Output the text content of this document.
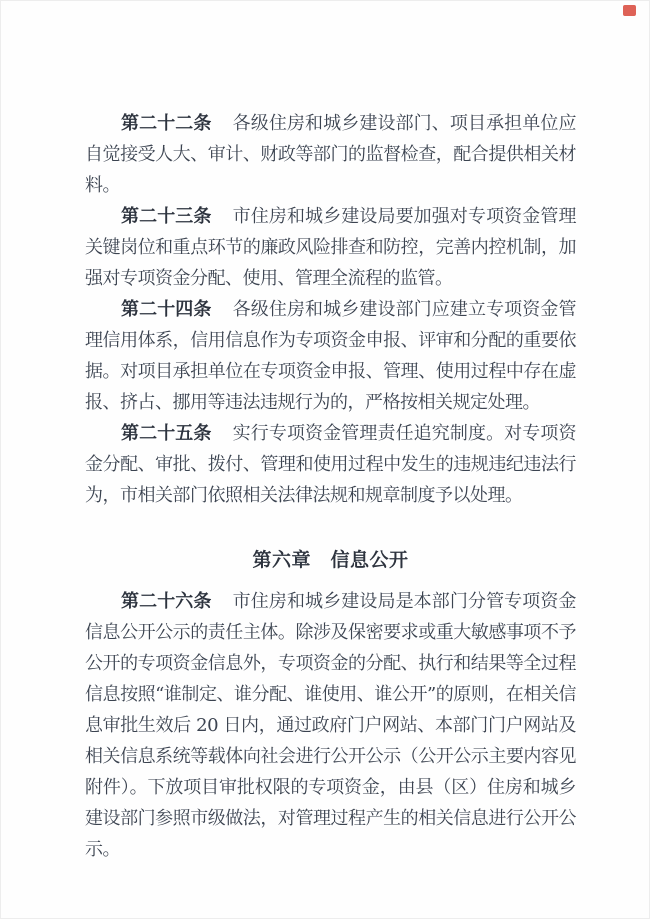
第二十二条 各级住房和城乡建设部门、项目承担单位应自觉接受人大、审计、财政等部门的监督检查，配合提供相关材料。

第二十三条 市住房和城乡建设局要加强对专项资金管理关键岗位和重点环节的廉政风险排查和防控，完善内控机制，加强对专项资金分配、使用、管理全流程的监管。

第二十四条 各级住房和城乡建设部门应建立专项资金管理信用体系，信用信息作为专项资金申报、评审和分配的重要依据。对项目承担单位在专项资金申报、管理、使用过程中存在虚报、挤占、挪用等违法违规行为的，严格按相关规定处理。

第二十五条 实行专项资金管理责任追究制度。对专项资金分配、审批、拨付、管理和使用过程中发生的违规违纪违法行为，市相关部门依照相关法律法规和规章制度予以处理。

第六章　信息公开

第二十六条 市住房和城乡建设局是本部门分管专项资金信息公开公示的责任主体。除涉及保密要求或重大敏感事项不予公开的专项资金信息外，专项资金的分配、执行和结果等全过程信息按照“谁制定、谁分配、谁使用、谁公开”的原则，在相关信息审批生效后 20 日内，通过政府门户网站、本部门门户网站及相关信息系统等载体向社会进行公开公示（公开公示主要内容见附件）。下放项目审批权限的专项资金，由县（区）住房和城乡建设部门参照市级做法，对管理过程产生的相关信息进行公开公示。
